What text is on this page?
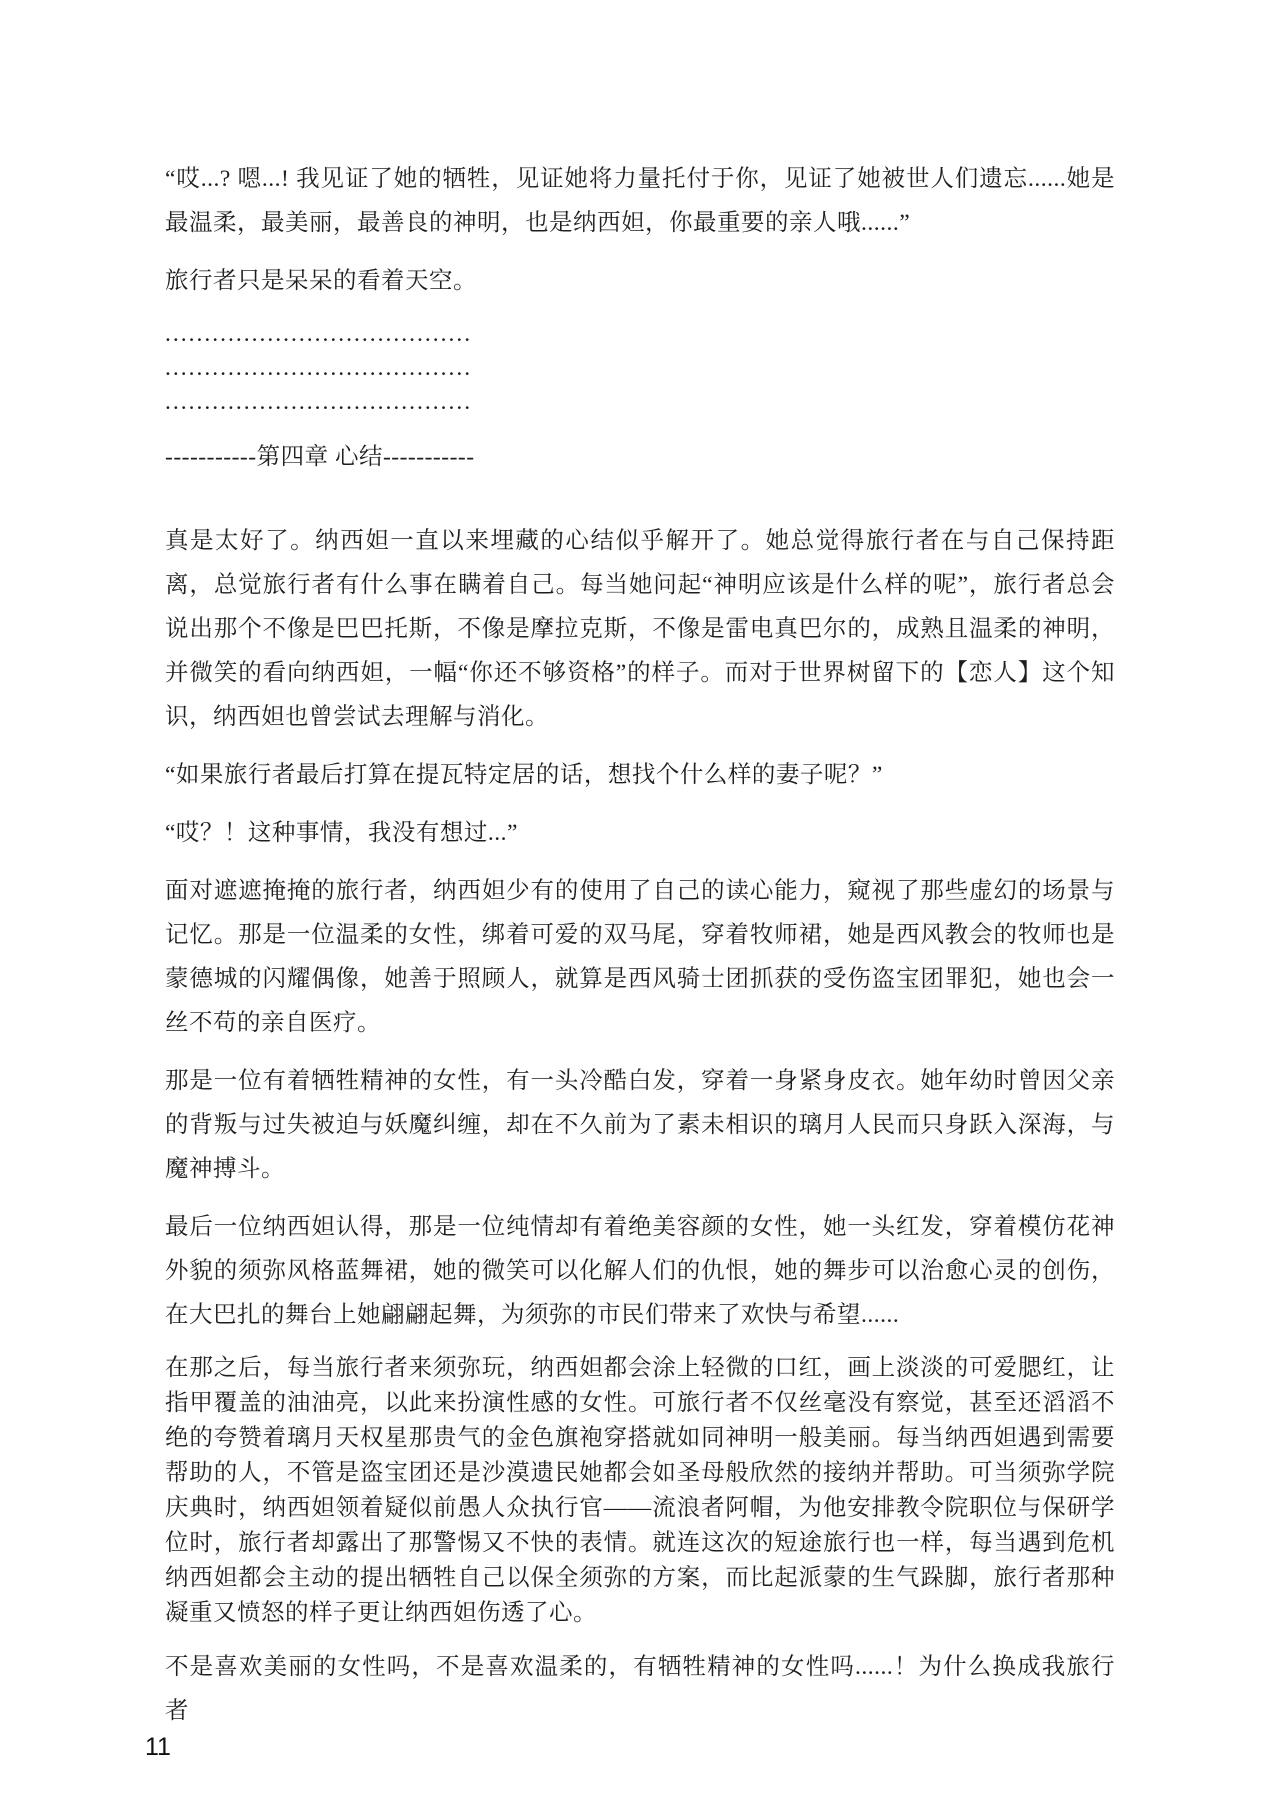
“哎...? 嗯...! 我见证了她的牺牲，见证她将力量托付于你，见证了她被世人们遗忘......她是最温柔，最美丽，最善良的神明，也是纳西妲，你最重要的亲人哦......”

旅行者只是呆呆的看着天空。

.......................................

.......................................

.......................................

-----------第四章 心结-----------

真是太好了。纳西妲一直以来埋藏的心结似乎解开了。她总觉得旅行者在与自己保持距离，总觉旅行者有什么事在瞒着自己。每当她问起“神明应该是什么样的呢”，旅行者总会说出那个不像是巴巴托斯，不像是摩拉克斯，不像是雷电真巴尔的，成熟且温柔的神明，并微笑的看向纳西妲，一幅“你还不够资格”的样子。而对于世界树留下的【恋人】这个知识，纳西妲也曾尝试去理解与消化。

“如果旅行者最后打算在提瓦特定居的话，想找个什么样的妻子呢？”

“哎？！这种事情，我没有想过...”

面对遮遮掩掩的旅行者，纳西妲少有的使用了自己的读心能力，窥视了那些虚幻的场景与记忆。那是一位温柔的女性，绑着可爱的双马尾，穿着牧师裙，她是西风教会的牧师也是蒙德城的闪耀偶像，她善于照顾人，就算是西风骑士团抓获的受伤盗宝团罪犯，她也会一丝不苟的亲自医疗。

那是一位有着牺牲精神的女性，有一头冷酷白发，穿着一身紧身皮衣。她年幼时曾因父亲的背叛与过失被迫与妖魔纠缠，却在不久前为了素未相识的璃月人民而只身跃入深海，与魔神搏斗。

最后一位纳西妲认得，那是一位纯情却有着绝美容颜的女性，她一头红发，穿着模仿花神外貌的须弥风格蓝舞裙，她的微笑可以化解人们的仇恨，她的舞步可以治愈心灵的创伤，在大巴扎的舞台上她翩翩起舞，为须弥的市民们带来了欢快与希望......

在那之后，每当旅行者来须弥玩，纳西妲都会涂上轻微的口红，画上淡淡的可爱腮红，让指甲覆盖的油油亮，以此来扮演性感的女性。可旅行者不仅丝毫没有察觉，甚至还滔滔不绝的夸赞着璃月天权星那贵气的金色旗袍穿搭就如同神明一般美丽。每当纳西妲遇到需要帮助的人，不管是盗宝团还是沙漠遗民她都会如圣母般欣然的接纳并帮助。可当须弥学院庆典时，纳西妲领着疑似前愚人众执行官——流浪者阿帽，为他安排教令院职位与保研学位时，旅行者却露出了那警惕又不快的表情。就连这次的短途旅行也一样，每当遇到危机纳西妲都会主动的提出牺牲自己以保全须弥的方案，而比起派蒙的生气跺脚，旅行者那种凝重又愤怒的样子更让纳西妲伤透了心。

不是喜欢美丽的女性吗，不是喜欢温柔的，有牺牲精神的女性吗......！为什么换成我旅行者

11
